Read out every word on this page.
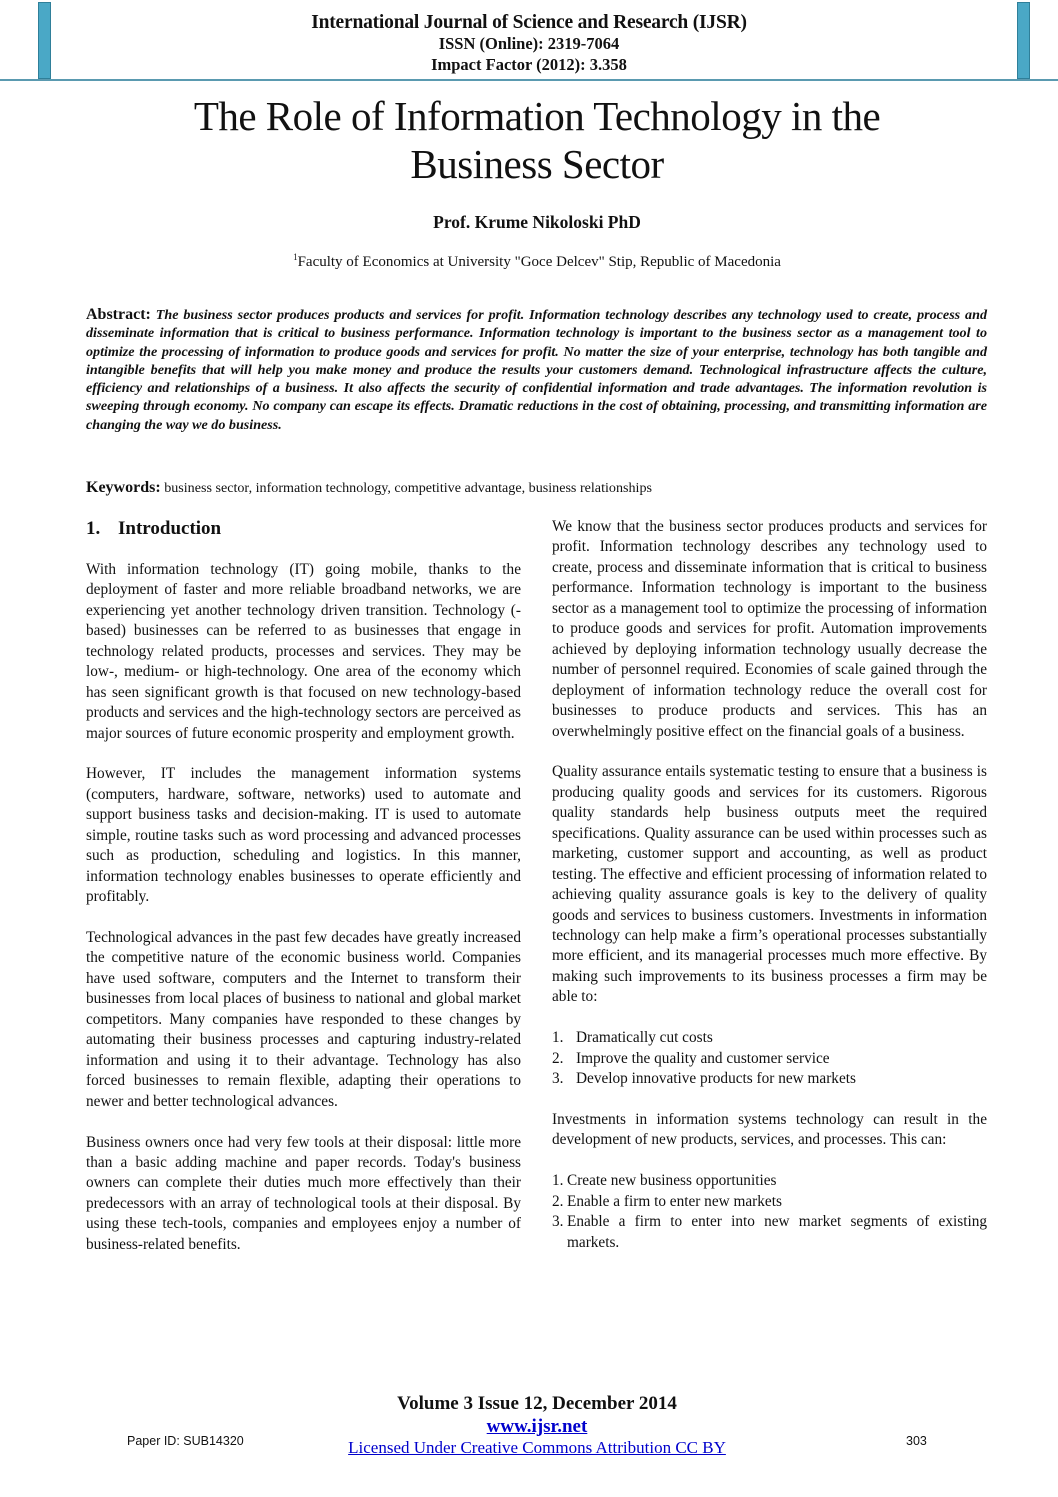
International Journal of Science and Research (IJSR)
ISSN (Online): 2319-7064
Impact Factor (2012): 3.358
The Role of Information Technology in the
Business Sector
Prof. Krume Nikoloski PhD
$^1$Faculty of Economics at University "Goce Delcev" Stip, Republic of Macedonia
Abstract: The business sector produces products and services for profit. Information technology describes any technology used to create, process and disseminate information that is critical to business performance. Information technology is important to the business sector as a management tool to optimize the processing of information to produce goods and services for profit. No matter the size of your enterprise, technology has both tangible and intangible benefits that will help you make money and produce the results your customers demand. Technological infrastructure affects the culture, efficiency and relationships of a business. It also affects the security of confidential information and trade advantages. The information revolution is sweeping through economy. No company can escape its effects. Dramatic reductions in the cost of obtaining, processing, and transmitting information are changing the way we do business.
Keywords: business sector, information technology, competitive advantage, business relationships
1. Introduction

With information technology (IT) going mobile, thanks to the deployment of faster and more reliable broadband networks, we are experiencing yet another technology driven transition. Technology (-based) businesses can be referred to as businesses that engage in technology related products, processes and services. They may be low-, medium- or high-technology. One area of the economy which has seen significant growth is that focused on new technology-based products and services and the high-technology sectors are perceived as major sources of future economic prosperity and employment growth.

However, IT includes the management information systems (computers, hardware, software, networks) used to automate and support business tasks and decision-making. IT is used to automate simple, routine tasks such as word processing and advanced processes such as production, scheduling and logistics. In this manner, information technology enables businesses to operate efficiently and profitably.

Technological advances in the past few decades have greatly increased the competitive nature of the economic business world. Companies have used software, computers and the Internet to transform their businesses from local places of business to national and global market competitors. Many companies have responded to these changes by automating their business processes and capturing industry-related information and using it to their advantage. Technology has also forced businesses to remain flexible, adapting their operations to newer and better technological advances.

Business owners once had very few tools at their disposal: little more than a basic adding machine and paper records. Today's business owners can complete their duties much more effectively than their predecessors with an array of technological tools at their disposal. By using these tech-tools, companies and employees enjoy a number of business-related benefits.

We know that the business sector produces products and services for profit. Information technology describes any technology used to create, process and disseminate information that is critical to business performance. Information technology is important to the business sector as a management tool to optimize the processing of information to produce goods and services for profit. Automation improvements achieved by deploying information technology usually decrease the number of personnel required. Economies of scale gained through the deployment of information technology reduce the overall cost for businesses to produce products and services. This has an overwhelmingly positive effect on the financial goals of a business.

Quality assurance entails systematic testing to ensure that a business is producing quality goods and services for its customers. Rigorous quality standards help business outputs meet the required specifications. Quality assurance can be used within processes such as marketing, customer support and accounting, as well as product testing. The effective and efficient processing of information related to achieving quality assurance goals is key to the delivery of quality goods and services to business customers. Investments in information technology can help make a firm’s operational processes substantially more efficient, and its managerial processes much more effective. By making such improvements to its business processes a firm may be able to:

1. Dramatically cut costs
2. Improve the quality and customer service
3. Develop innovative products for new markets

Investments in information systems technology can result in the development of new products, services, and processes. This can:

1. Create new business opportunities
2. Enable a firm to enter new markets
3. Enable a firm to enter into new market segments of existing markets.
Volume 3 Issue 12, December 2014
www.ijsr.net
Licensed Under Creative Commons Attribution CC BY
Paper ID: SUB14320	303
